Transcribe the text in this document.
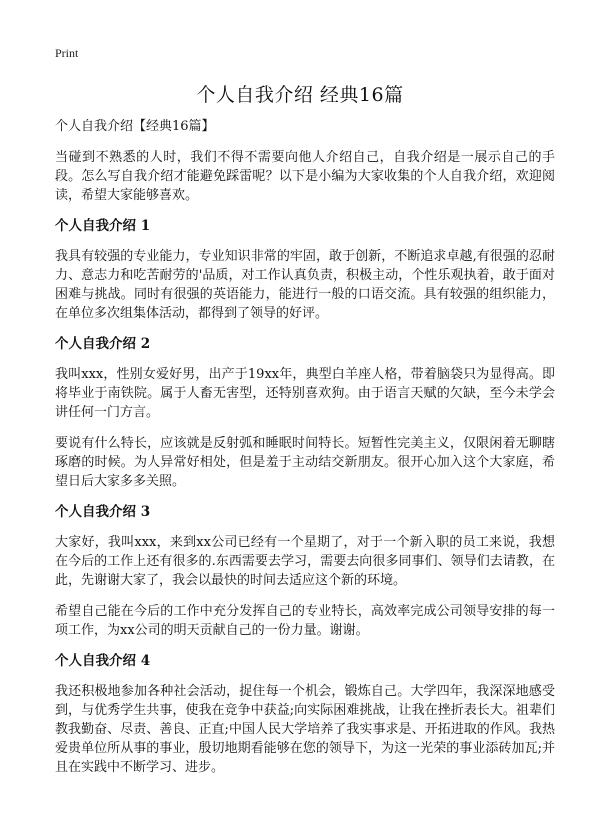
Print
个人自我介绍 经典16篇

个人自我介绍【经典16篇】

当碰到不熟悉的人时，我们不得不需要向他人介绍自己，自我介绍是一展示自己的手段。怎么写自我介绍才能避免踩雷呢？以下是小编为大家收集的个人自我介绍，欢迎阅读，希望大家能够喜欢。

个人自我介绍 1

我具有较强的专业能力，专业知识非常的牢固，敢于创新，不断追求卓越,有很强的忍耐力、意志力和吃苦耐劳的'品质，对工作认真负责，积极主动，个性乐观执着，敢于面对困难与挑战。同时有很强的英语能力，能进行一般的口语交流。具有较强的组织能力，在单位多次组集体活动，都得到了领导的好评。

个人自我介绍 2

我叫xxx，性别女爱好男，出产于19xx年，典型白羊座人格，带着脑袋只为显得高。即将毕业于南铁院。属于人畜无害型，还特别喜欢狗。由于语言天赋的欠缺，至今未学会讲任何一门方言。

要说有什么特长，应该就是反射弧和睡眠时间特长。短暂性完美主义，仅限闲着无聊瞎琢磨的时候。为人异常好相处，但是羞于主动结交新朋友。很开心加入这个大家庭，希望日后大家多多关照。

个人自我介绍 3

大家好，我叫xxx，来到xx公司已经有一个星期了，对于一个新入职的员工来说，我想在今后的工作上还有很多的.东西需要去学习，需要去向很多同事们、领导们去请教，在此，先谢谢大家了，我会以最快的时间去适应这个新的环境。

希望自己能在今后的工作中充分发挥自己的专业特长，高效率完成公司领导安排的每一项工作，为xx公司的明天贡献自己的一份力量。谢谢。

个人自我介绍 4

我还积极地参加各种社会活动，捉住每一个机会，锻炼自己。大学四年，我深深地感受到，与优秀学生共事，使我在竞争中获益;向实际困难挑战，让我在挫折表长大。祖辈们教我勤奋、尽责、善良、正直;中国人民大学培养了我实事求是、开拓进取的作风。我热爱贵单位所从事的事业，殷切地期看能够在您的领导下，为这一光荣的事业添砖加瓦;并且在实践中不断学习、进步。
